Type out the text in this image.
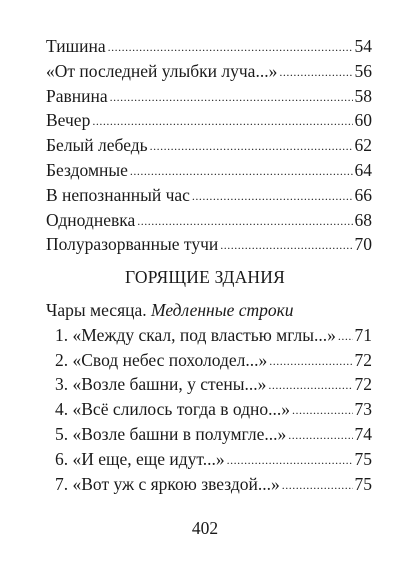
Тишина .....	54
«От последней улыбки луча...» .....	56
Равнина .....	58
Вечер .....	60
Белый лебедь .....	62
Бездомные .....	64
В непознанный час .....	66
Однодневка .....	68
Полуразорванные тучи .....	70
ГОРЯЩИЕ ЗДАНИЯ
Чары месяца. Медленные строки
1. «Между скал, под властью мглы...» ..... 71
2. «Свод небес похолодел...» .....	72
3. «Возле башни, у стены...» .....	72
4. «Всё слилось тогда в одно...» .....	73
5. «Возле башни в полумгле...» .....	74
6. «И еще, еще идут...» .....	75
7. «Вот уж с яркою звездой...» .....	75
402
